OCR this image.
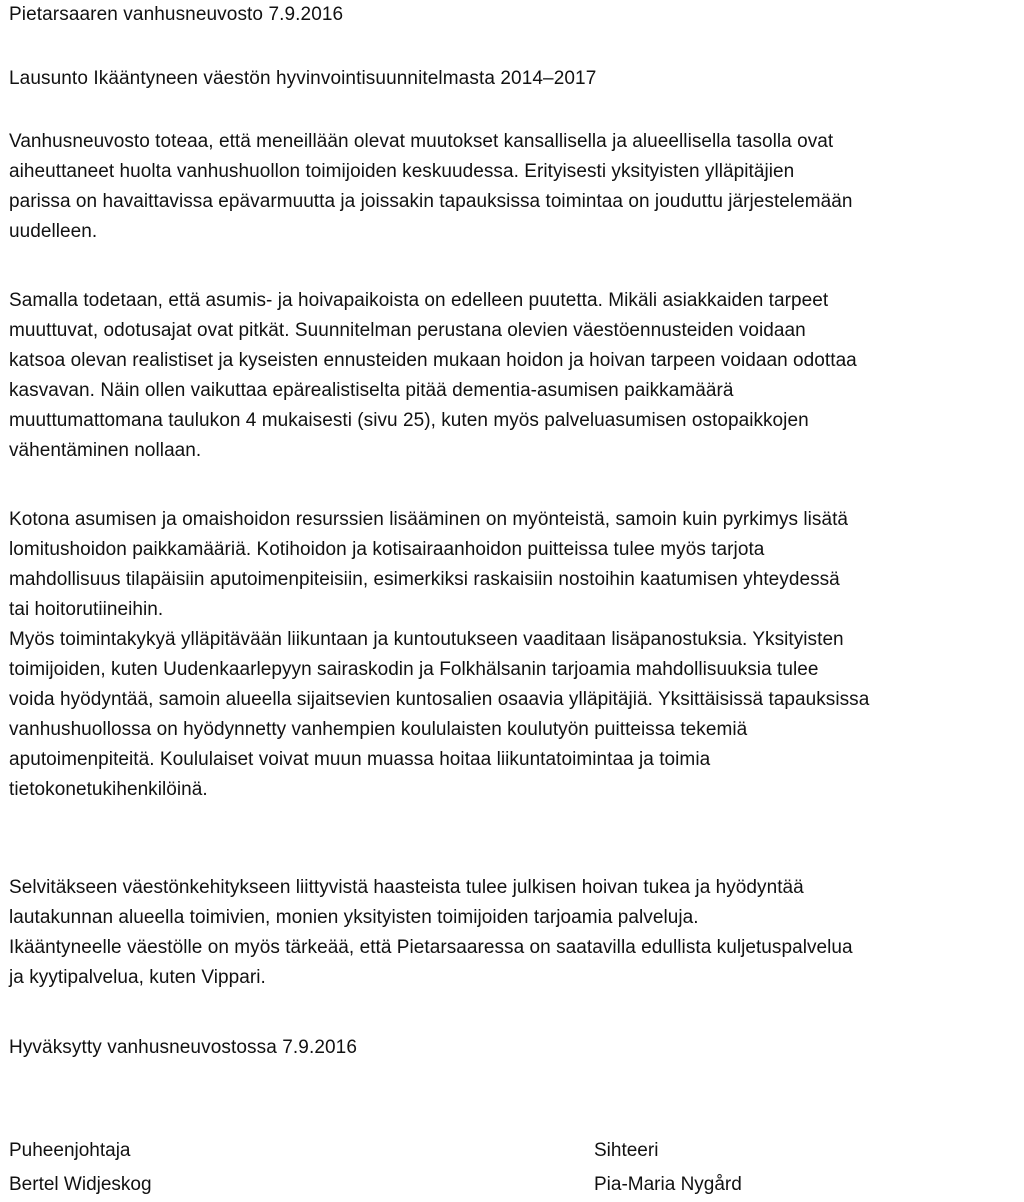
Pietarsaaren vanhusneuvosto 7.9.2016

Lausunto Ikääntyneen väestön hyvinvointisuunnitelmasta 2014–2017

Vanhusneuvosto toteaa, että meneillään olevat muutokset kansallisella ja alueellisella tasolla ovat
aiheuttaneet huolta vanhushuollon toimijoiden keskuudessa. Erityisesti yksityisten ylläpitäjien
parissa on havaittavissa epävarmuutta ja joissakin tapauksissa toimintaa on jouduttu järjestelemään
uudelleen.
Samalla todetaan, että asumis- ja hoivapaikoista on edelleen puutetta. Mikäli asiakkaiden tarpeet
muuttuvat, odotusajat ovat pitkät. Suunnitelman perustana olevien väestöennusteiden voidaan
katsoa olevan realistiset ja kyseisten ennusteiden mukaan hoidon ja hoivan tarpeen voidaan odottaa
kasvavan. Näin ollen vaikuttaa epärealistiselta pitää dementia-asumisen paikkamäärä
muuttumattomana taulukon 4 mukaisesti (sivu 25), kuten myös palveluasumisen ostopaikkojen
vähentäminen nollaan.
Kotona asumisen ja omaishoidon resurssien lisääminen on myönteistä, samoin kuin pyrkimys lisätä
lomitushoidon paikkamääriä. Kotihoidon ja kotisairaanhoidon puitteissa tulee myös tarjota
mahdollisuus tilapäisiin aputoimenpiteisiin, esimerkiksi raskaisiin nostoihin kaatumisen yhteydessä
tai hoitorutiineihin.
Myös toimintakykyä ylläpitävään liikuntaan ja kuntoutukseen vaaditaan lisäpanostuksia. Yksityisten
toimijoiden, kuten Uudenkaarlepyyn sairaskodin ja Folkhälsanin tarjoamia mahdollisuuksia tulee
voida hyödyntää, samoin alueella sijaitsevien kuntosalien osaavia ylläpitäjiä. Yksittäisissä tapauksissa
vanhushuollossa on hyödynnetty vanhempien koululaisten koulutyön puitteissa tekemiä
aputoimenpiteitä. Koululaiset voivat muun muassa hoitaa liikuntatoimintaa ja toimia
tietokonetukihenkilöinä.
Selvitäkseen väestönkehitykseen liittyvistä haasteista tulee julkisen hoivan tukea ja hyödyntää
lautakunnan alueella toimivien, monien yksityisten toimijoiden tarjoamia palveluja.
Ikääntyneelle väestölle on myös tärkeää, että Pietarsaaressa on saatavilla edullista kuljetuspalvelua
ja kyytipalvelua, kuten Vippari.

Hyväksytty vanhusneuvostossa 7.9.2016

Puheenjohtaja
Bertel Widjeskog
Sihteeri
Pia-Maria Nygård
